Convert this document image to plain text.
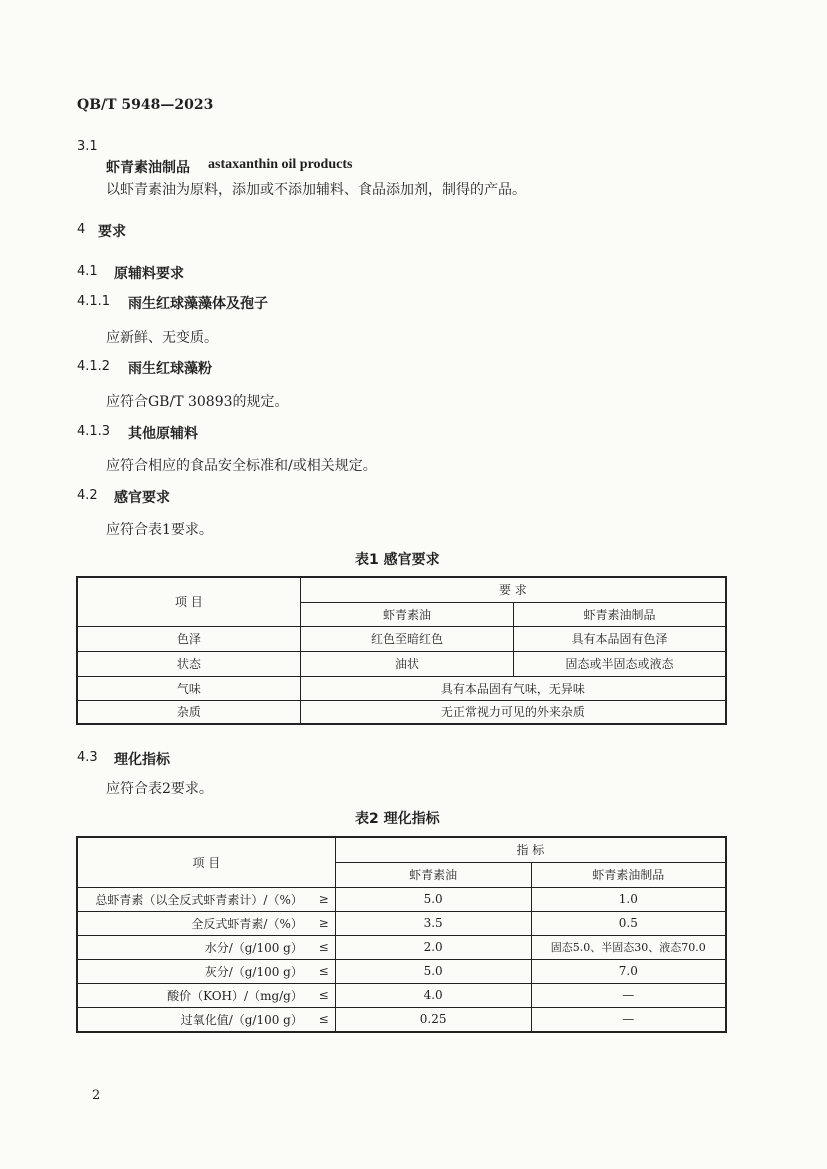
QB/T 5948—2023
3.1
虾青素油制品 astaxanthin oil products
以虾青素油为原料，添加或不添加辅料、食品添加剂，制得的产品。
4 要求
4.1 原辅料要求
4.1.1 雨生红球藻藻体及孢子
应新鲜、无变质。
4.1.2 雨生红球藻粉
应符合GB/T 30893的规定。
4.1.3 其他原辅料
应符合相应的食品安全标准和/或相关规定。
4.2 感官要求
应符合表1要求。
表1 感官要求
项 目	要 求	
	虾青素油	虾青素油制品
色泽	红色至暗红色	具有本品固有色泽
状态	油状	固态或半固态或液态
气味	具有本品固有气味，无异味	
杂质	无正常视力可见的外来杂质	
4.3 理化指标
应符合表2要求。
表2 理化指标
项 目		指 标	
		虾青素油	虾青素油制品
总虾青素（以全反式虾青素计）/（%）	≥	5.0	1.0
全反式虾青素/（%）	≥	3.5	0.5
水分/（g/100 g）	≤	2.0	固态5.0、半固态30、液态70.0
灰分/（g/100 g）	≤	5.0	7.0
酸价（KOH）/（mg/g）	≤	4.0	—
过氧化值/（g/100 g）	≤	0.25	—
2
